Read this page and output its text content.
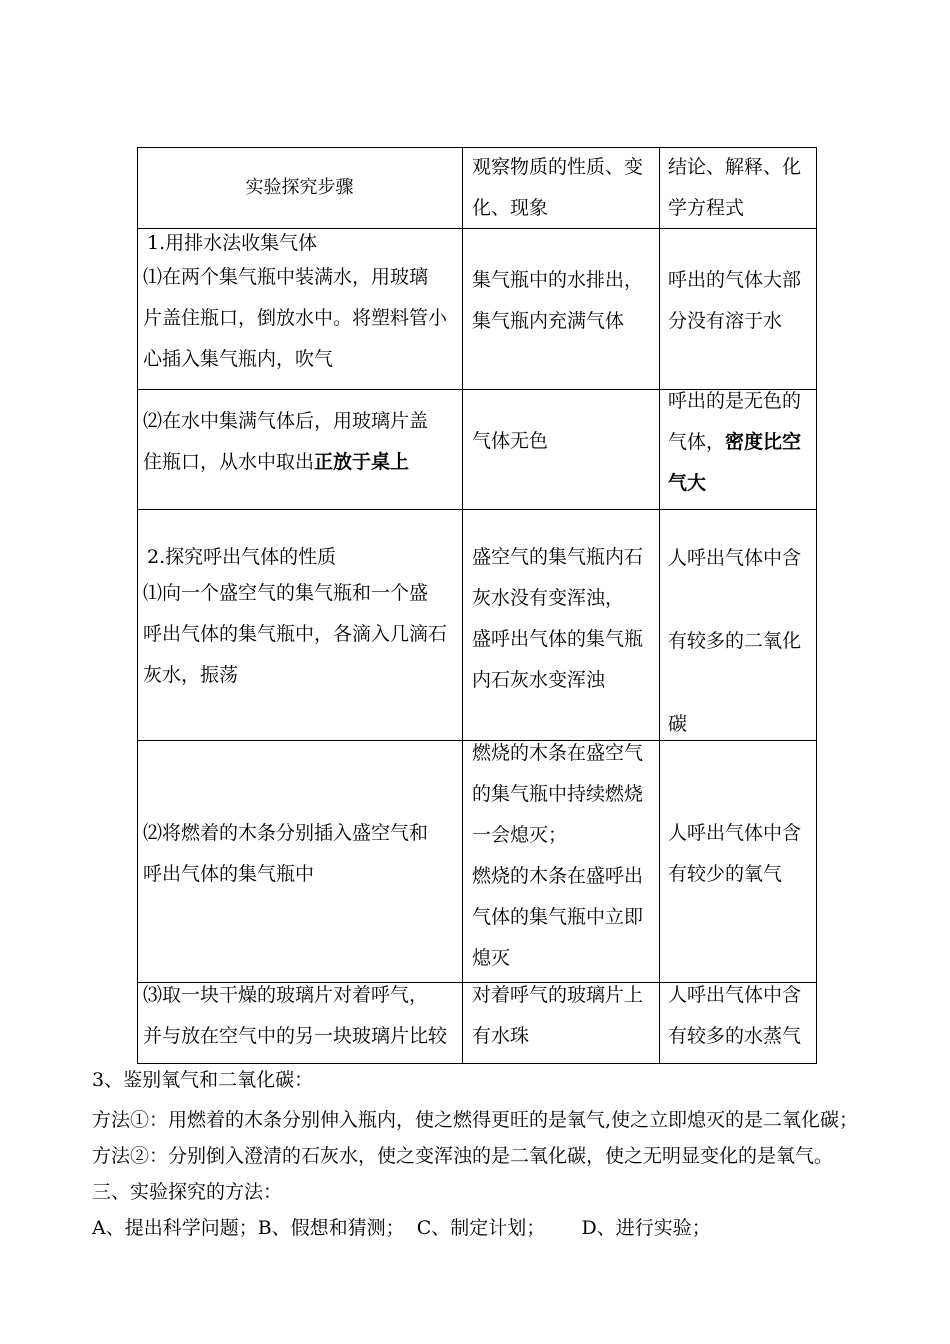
实验探究步骤
观察物质的性质、变
化、现象
结论、解释、化
学方程式
1.用排水法收集气体
⑴在两个集气瓶中装满水，用玻璃
片盖住瓶口，倒放水中。将塑料管小
心插入集气瓶内，吹气
集气瓶中的水排出，
集气瓶内充满气体
呼出的气体大部
分没有溶于水
⑵在水中集满气体后，用玻璃片盖
住瓶口，从水中取出正放于桌上
气体无色
呼出的是无色的
气体，密度比空
气大
2.探究呼出气体的性质
⑴向一个盛空气的集气瓶和一个盛
呼出气体的集气瓶中，各滴入几滴石
灰水，振荡
盛空气的集气瓶内石
灰水没有变浑浊，
盛呼出气体的集气瓶
内石灰水变浑浊
人呼出气体中含
有较多的二氧化
碳
⑵将燃着的木条分别插入盛空气和
呼出气体的集气瓶中
燃烧的木条在盛空气
的集气瓶中持续燃烧
一会熄灭；
燃烧的木条在盛呼出
气体的集气瓶中立即
熄灭
人呼出气体中含
有较少的氧气
⑶取一块干燥的玻璃片对着呼气，
并与放在空气中的另一块玻璃片比较
对着呼气的玻璃片上
有水珠
人呼出气体中含
有较多的水蒸气
3、鉴别氧气和二氧化碳：
方法①：用燃着的木条分别伸入瓶内，使之燃得更旺的是氧气,使之立即熄灭的是二氧化碳；
方法②：分别倒入澄清的石灰水，使之变浑浊的是二氧化碳，使之无明显变化的是氧气。
三、实验探究的方法：
A、提出科学问题；B、假想和猜测；  C、制定计划；      D、进行实验；
